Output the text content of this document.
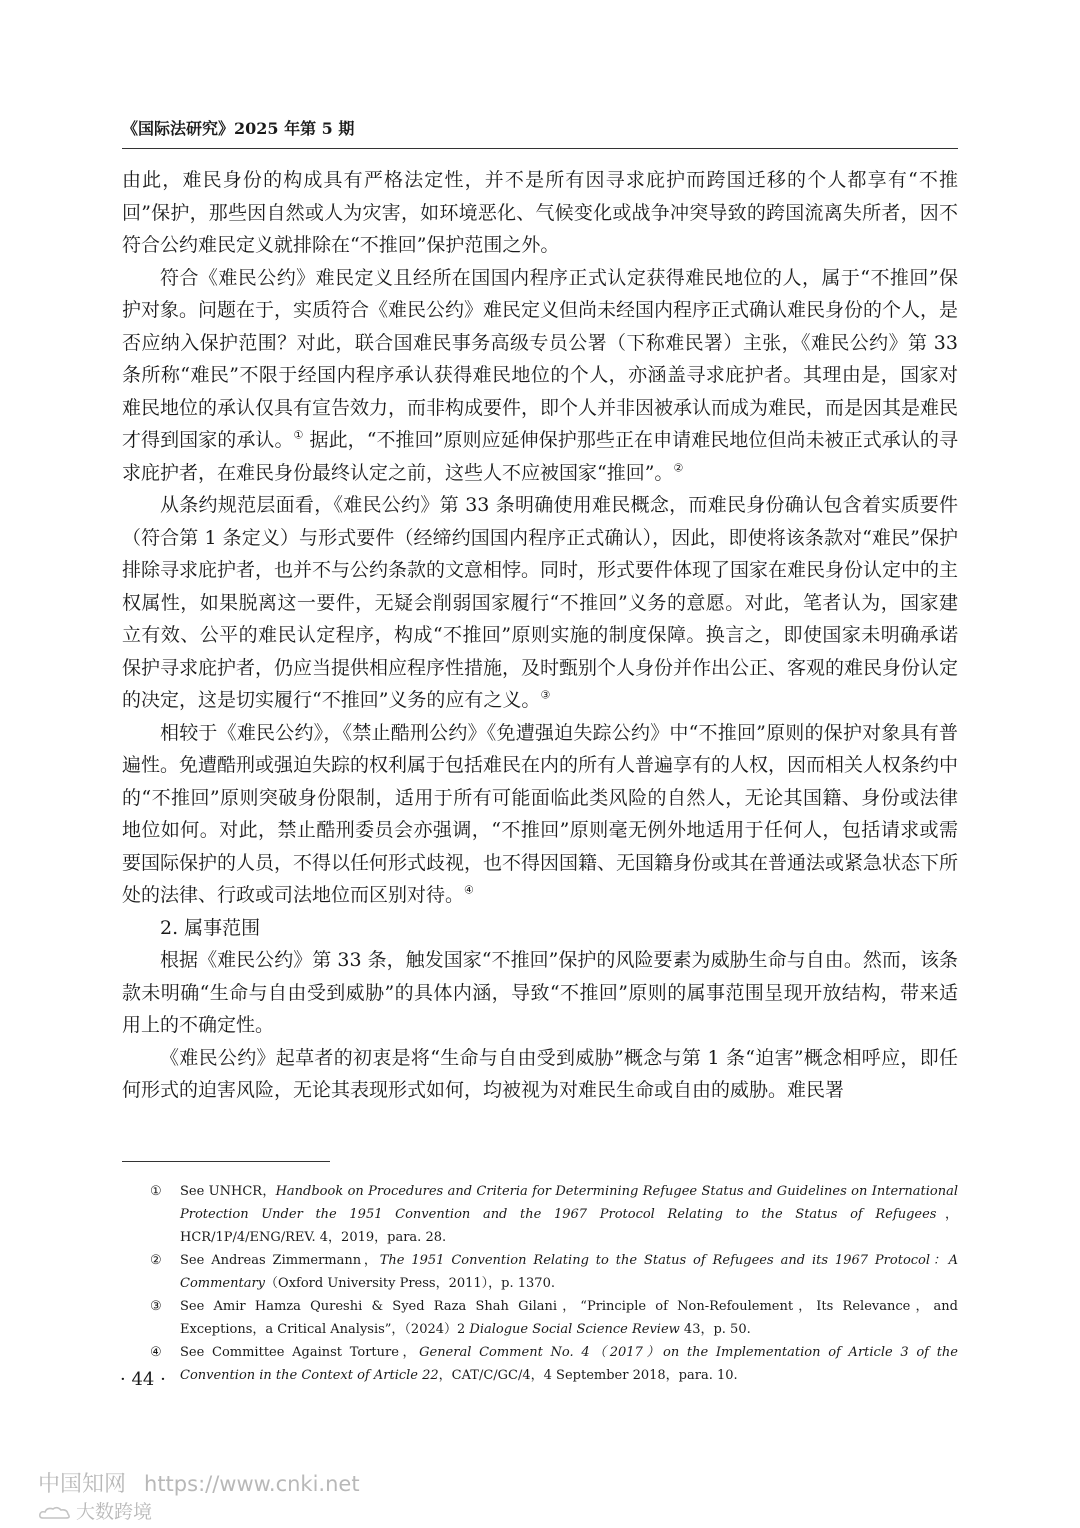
《国际法研究》2025 年第 5 期

由此，难民身份的构成具有严格法定性，并不是所有因寻求庇护而跨国迁移的个人都享有“不推回”保护，那些因自然或人为灾害，如环境恶化、气候变化或战争冲突导致的跨国流离失所者，因不符合公约难民定义就排除在“不推回”保护范围之外。

符合《难民公约》难民定义且经所在国国内程序正式认定获得难民地位的人，属于“不推回”保护对象。问题在于，实质符合《难民公约》难民定义但尚未经国内程序正式确认难民身份的个人，是否应纳入保护范围？对此，联合国难民事务高级专员公署（下称难民署）主张，《难民公约》第 33 条所称“难民”不限于经国内程序承认获得难民地位的个人，亦涵盖寻求庇护者。其理由是，国家对难民地位的承认仅具有宣告效力，而非构成要件，即个人并非因被承认而成为难民，而是因其是难民才得到国家的承认。① 据此，“不推回”原则应延伸保护那些正在申请难民地位但尚未被正式承认的寻求庇护者，在难民身份最终认定之前，这些人不应被国家“推回”。②

从条约规范层面看，《难民公约》第 33 条明确使用难民概念，而难民身份确认包含着实质要件（符合第 1 条定义）与形式要件（经缔约国国内程序正式确认），因此，即使将该条款对“难民”保护排除寻求庇护者，也并不与公约条款的文意相悖。同时，形式要件体现了国家在难民身份认定中的主权属性，如果脱离这一要件，无疑会削弱国家履行“不推回”义务的意愿。对此，笔者认为，国家建立有效、公平的难民认定程序，构成“不推回”原则实施的制度保障。换言之，即使国家未明确承诺保护寻求庇护者，仍应当提供相应程序性措施，及时甄别个人身份并作出公正、客观的难民身份认定的决定，这是切实履行“不推回”义务的应有之义。③

相较于《难民公约》，《禁止酷刑公约》《免遭强迫失踪公约》中“不推回”原则的保护对象具有普遍性。免遭酷刑或强迫失踪的权利属于包括难民在内的所有人普遍享有的人权，因而相关人权条约中的“不推回”原则突破身份限制，适用于所有可能面临此类风险的自然人，无论其国籍、身份或法律地位如何。对此，禁止酷刑委员会亦强调，“不推回”原则毫无例外地适用于任何人，包括请求或需要国际保护的人员，不得以任何形式歧视，也不得因国籍、无国籍身份或其在普通法或紧急状态下所处的法律、行政或司法地位而区别对待。④

2. 属事范围

根据《难民公约》第 33 条，触发国家“不推回”保护的风险要素为威胁生命与自由。然而，该条款未明确“生命与自由受到威胁”的具体内涵，导致“不推回”原则的属事范围呈现开放结构，带来适用上的不确定性。

《难民公约》起草者的初衷是将“生命与自由受到威胁”概念与第 1 条“迫害”概念相呼应，即任何形式的迫害风险，无论其表现形式如何，均被视为对难民生命或自由的威胁。难民署

① See UNHCR，Handbook on Procedures and Criteria for Determining Refugee Status and Guidelines on International Protection Under the 1951 Convention and the 1967 Protocol Relating to the Status of Refugees，HCR/1P/4/ENG/REV. 4，2019，para. 28.
② See Andreas Zimmermann，The 1951 Convention Relating to the Status of Refugees and its 1967 Protocol：A Commentary（Oxford University Press，2011），p. 1370.
③ See Amir Hamza Qureshi & Syed Raza Shah Gilani，“Principle of Non-Refoulement，Its Relevance，and Exceptions，a Critical Analysis”，（2024）2 Dialogue Social Science Review 43，p. 50.
④ See Committee Against Torture，General Comment No. 4（2017）on the Implementation of Article 3 of the Convention in the Context of Article 22，CAT/C/GC/4，4 September 2018，para. 10.
· 44 ·
中国知网 https://www.cnki.net
大数跨境
